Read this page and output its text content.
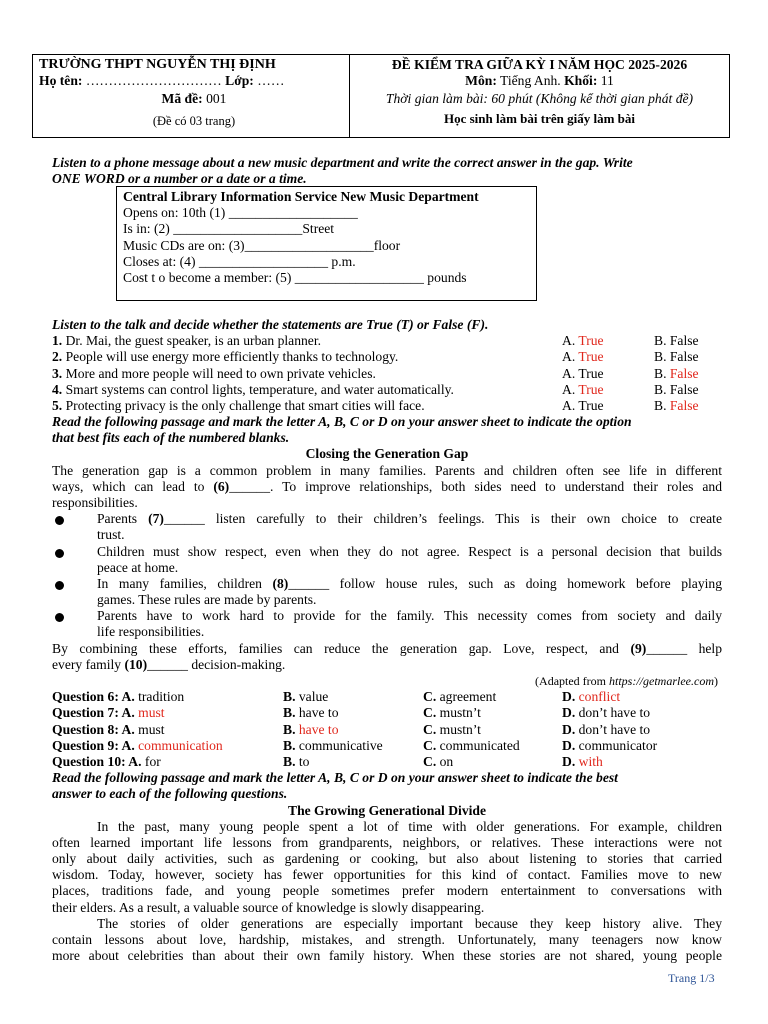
TRƯỜNG THPT NGUYỄN THỊ ĐỊNH
Họ tên: ………………………… Lớp: ……
Mã đề: 001
(Đề có 03 trang)
ĐỀ KIỂM TRA GIỮA KỲ I NĂM HỌC 2025-2026
Môn: Tiếng Anh. Khối: 11
Thời gian làm bài: 60 phút (Không kể thời gian phát đề)
Học sinh làm bài trên giấy làm bài
Listen to a phone message about a new music department and write the correct answer in the gap. Write
ONE WORD or a number or a date or a time.
Central Library Information Service New Music Department
Opens on: 10th (1) ___________________
Is in: (2) ___________________Street
Music CDs are on: (3)___________________floor
Closes at: (4) ___________________ p.m.
Cost t o become a member: (5) ___________________ pounds
Listen to the talk and decide whether the statements are True (T) or False (F).
1. Dr. Mai, the guest speaker, is an urban planner.	A. True	B. False
2. People will use energy more efficiently thanks to technology.	A. True	B. False
3. More and more people will need to own private vehicles.	A. True	B. False
4. Smart systems can control lights, temperature, and water automatically.	A. True	B. False
5. Protecting privacy is the only challenge that smart cities will face.	A. True	B. False
Read the following passage and mark the letter A, B, C or D on your answer sheet to indicate the option
that best fits each of the numbered blanks.
Closing the Generation Gap
The generation gap is a common problem in many families. Parents and children often see life in different
ways, which can lead to (6)______. To improve relationships, both sides need to understand their roles and
responsibilities.
Parents (7)______ listen carefully to their children’s feelings. This is their own choice to create
trust.
Children must show respect, even when they do not agree. Respect is a personal decision that builds
peace at home.
In many families, children (8)______ follow house rules, such as doing homework before playing
games. These rules are made by parents.
Parents have to work hard to provide for the family. This necessity comes from society and daily
life responsibilities.
By combining these efforts, families can reduce the generation gap. Love, respect, and (9)______ help
every family (10)______ decision-making.
(Adapted from https://getmarlee.com)
Question 6: A. tradition	B. value	C. agreement	D. conflict
Question 7: A. must	B. have to	C. mustn’t	D. don’t have to
Question 8: A. must	B. have to	C. mustn’t	D. don’t have to
Question 9: A. communication	B. communicative	C. communicated	D. communicator
Question 10: A. for	B. to	C. on	D. with
Read the following passage and mark the letter A, B, C or D on your answer sheet to indicate the best
answer to each of the following questions.
The Growing Generational Divide
In the past, many young people spent a lot of time with older generations. For example, children
often learned important life lessons from grandparents, neighbors, or relatives. These interactions were not
only about daily activities, such as gardening or cooking, but also about listening to stories that carried
wisdom. Today, however, society has fewer opportunities for this kind of contact. Families move to new
places, traditions fade, and young people sometimes prefer modern entertainment to conversations with
their elders. As a result, a valuable source of knowledge is slowly disappearing.
The stories of older generations are especially important because they keep history alive. They
contain lessons about love, hardship, mistakes, and strength. Unfortunately, many teenagers now know
more about celebrities than about their own family history. When these stories are not shared, young people
Trang 1/3
